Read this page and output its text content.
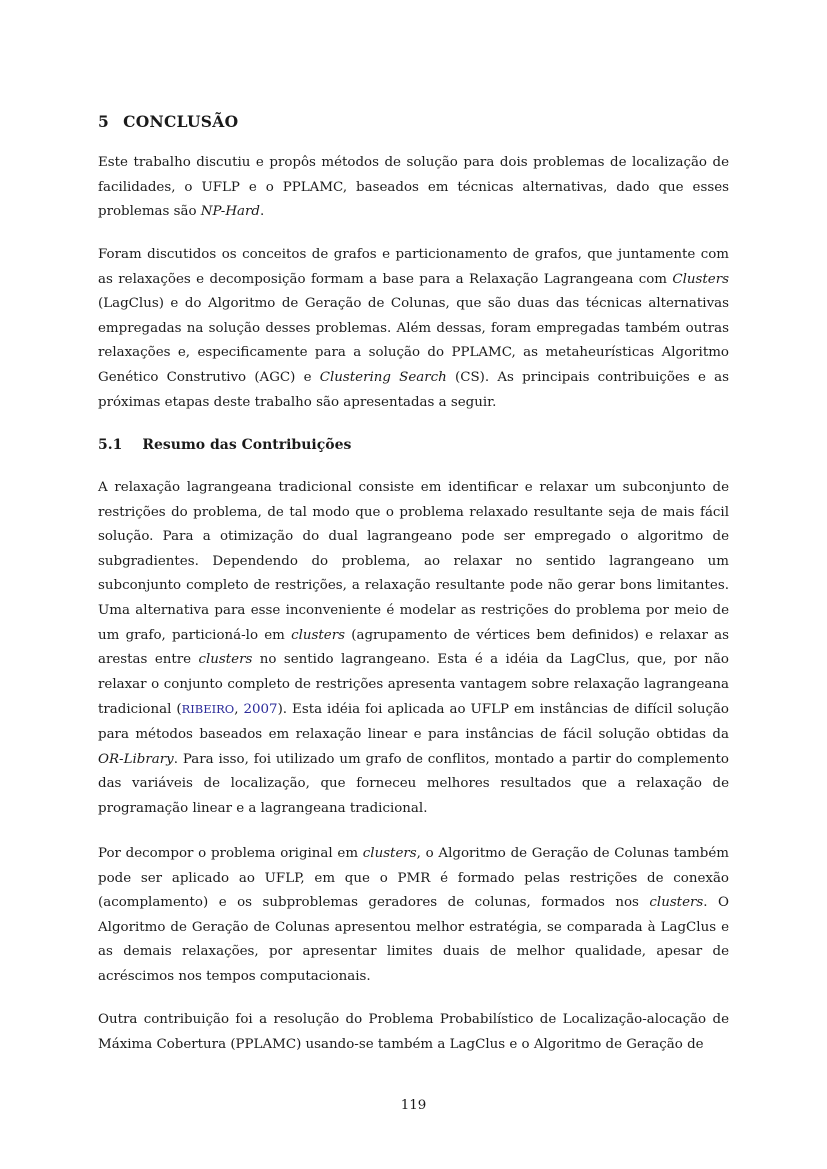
5 CONCLUSÃO

Este trabalho discutiu e propôs métodos de solução para dois problemas de localização de facilidades, o UFLP e o PPLAMC, baseados em técnicas alternativas, dado que esses problemas são NP-Hard.

Foram discutidos os conceitos de grafos e particionamento de grafos, que juntamente com as relaxações e decomposição formam a base para a Relaxação Lagrangeana com Clusters (LagClus) e do Algoritmo de Geração de Colunas, que são duas das técnicas alternativas empregadas na solução desses problemas. Além dessas, foram empregadas também outras relaxações e, especificamente para a solução do PPLAMC, as metaheurísticas Algoritmo Genético Construtivo (AGC) e Clustering Search (CS). As principais contribuições e as próximas etapas deste trabalho são apresentadas a seguir.

5.1 Resumo das Contribuições

A relaxação lagrangeana tradicional consiste em identificar e relaxar um subconjunto de restrições do problema, de tal modo que o problema relaxado resultante seja de mais fácil solução. Para a otimização do dual lagrangeano pode ser empregado o algoritmo de subgradientes. Dependendo do problema, ao relaxar no sentido lagrangeano um subconjunto completo de restrições, a relaxação resultante pode não gerar bons limitantes. Uma alternativa para esse inconveniente é modelar as restrições do problema por meio de um grafo, particioná-lo em clusters (agrupamento de vértices bem definidos) e relaxar as arestas entre clusters no sentido lagrangeano. Esta é a idéia da LagClus, que, por não relaxar o conjunto completo de restrições apresenta vantagem sobre relaxação lagrangeana tradicional (RIBEIRO, 2007). Esta idéia foi aplicada ao UFLP em instâncias de difícil solução para métodos baseados em relaxação linear e para instâncias de fácil solução obtidas da OR-Library. Para isso, foi utilizado um grafo de conflitos, montado a partir do complemento das variáveis de localização, que forneceu melhores resultados que a relaxação de programação linear e a lagrangeana tradicional.

Por decompor o problema original em clusters, o Algoritmo de Geração de Colunas também pode ser aplicado ao UFLP, em que o PMR é formado pelas restrições de conexão (acomplamento) e os subproblemas geradores de colunas, formados nos clusters. O Algoritmo de Geração de Colunas apresentou melhor estratégia, se comparada à LagClus e as demais relaxações, por apresentar limites duais de melhor qualidade, apesar de acréscimos nos tempos computacionais.

Outra contribuição foi a resolução do Problema Probabilístico de Localização-alocação de Máxima Cobertura (PPLAMC) usando-se também a LagClus e o Algoritmo de Geração de

119
